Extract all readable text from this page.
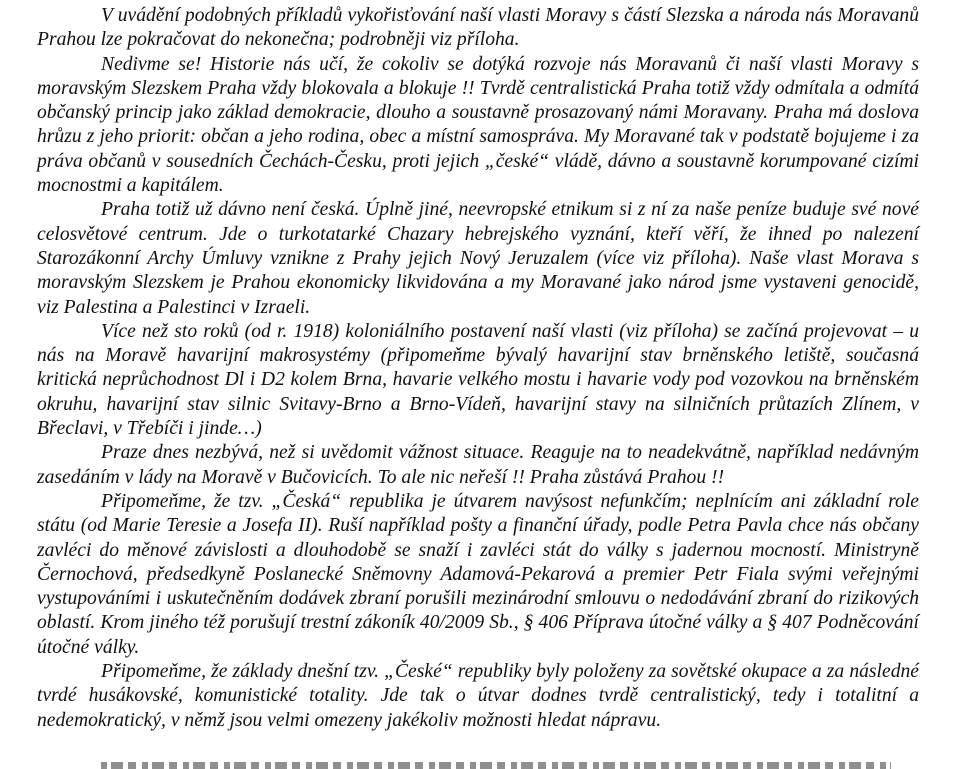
V uvádění podobných příkladů vykořisťování naší vlasti Moravy s částí Slezska a národa nás Moravanů Prahou lze pokračovat do nekonečna; podrobněji viz příloha.

Nedivme se! Historie nás učí, že cokoliv se dotýká rozvoje nás Moravanů či naší vlasti Moravy s moravským Slezskem Praha vždy blokovala a blokuje !! Tvrdě centralistická Praha totiž vždy odmítala a odmítá občanský princip jako základ demokracie, dlouho a soustavně prosazovaný námi Moravany. Praha má doslova hrůzu z jeho priorit: občan a jeho rodina, obec a místní samospráva. My Moravané tak v podstatě bojujeme i za práva občanů v sousedních Čechách-Česku, proti jejich „české“ vládě, dávno a soustavně korumpované cizími mocnostmi a kapitálem.

Praha totiž už dávno není česká. Úplně jiné, neevropské etnikum si z ní za naše peníze buduje své nové celosvětové centrum. Jde o turkotatarké Chazary hebrejského vyznání, kteří věří, že ihned po nalezení Starozákonní Archy Úmluvy vznikne z Prahy jejich Nový Jeruzalem (více viz příloha). Naše vlast Morava s moravským Slezskem je Prahou ekonomicky likvidována a my Moravané jako národ jsme vystaveni genocidě, viz Palestina a Palestinci v Izraeli.

Více než sto roků (od r. 1918) koloniálního postavení naší vlasti (viz příloha) se začíná projevovat – u nás na Moravě havarijní makrosystémy (připomeňme bývalý havarijní stav brněnského letiště, současná kritická neprůchodnost Dl i D2 kolem Brna, havarie velkého mostu i havarie vody pod vozovkou na brněnském okruhu, havarijní stav silnic Svitavy-Brno a Brno-Vídeň, havarijní stavy na silničních průtazích Zlínem, v Břeclavi, v Třebíči i jinde…)

Praze dnes nezbývá, než si uvědomit vážnost situace. Reaguje na to neadekvátně, například nedávným zasedáním v lády na Moravě v Bučovicích. To ale nic neřeší !! Praha zůstává Prahou !!

Připomeňme, že tzv. „Česká“ republika je útvarem navýsost nefunkčím; neplnícím ani základní role státu (od Marie Teresie a Josefa II). Ruší například pošty a finanční úřady, podle Petra Pavla chce nás občany zavléci do měnové závislosti a dlouhodobě se snaží i zavléci stát do války s jadernou mocností. Ministryně Černochová, předsedkyně Poslanecké Sněmovny Adamová-Pekarová a premier Petr Fiala svými veřejnými vystupováními i uskutečněním dodávek zbraní porušili mezinárodní smlouvu o nedodávání zbraní do rizikových oblastí. Krom jiného též porušují trestní zákoník 40/2009 Sb., § 406 Příprava útočné války a § 407 Podněcování útočné války.

Připomeňme, že základy dnešní tzv. „České“ republiky byly položeny za sovětské okupace a za následné tvrdé husákovské, komunistické totality. Jde tak o útvar dodnes tvrdě centralistický, tedy i totalitní a nedemokratický, v němž jsou velmi omezeny jakékoliv možnosti hledat nápravu.
